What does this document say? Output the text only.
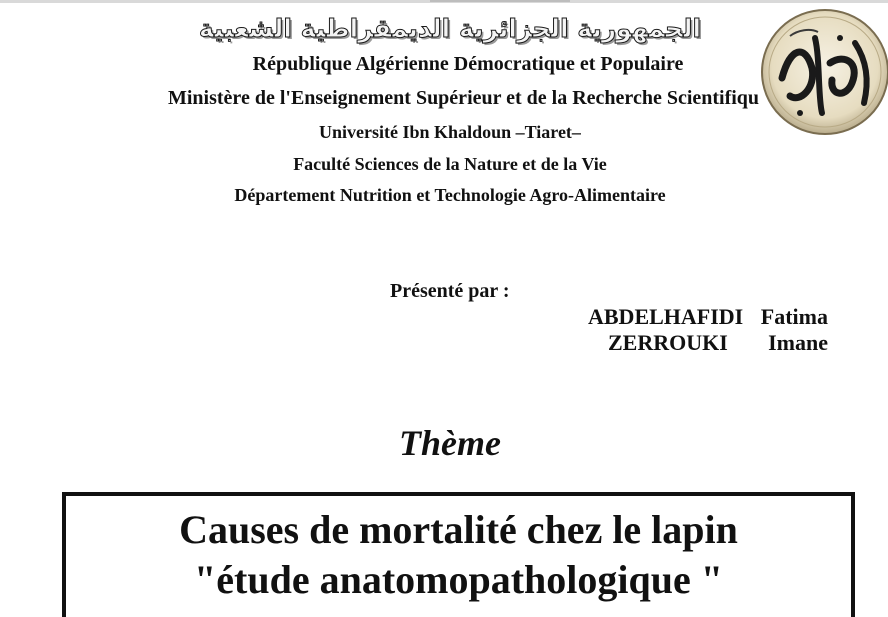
الجمهورية الجزائرية الديمقراطية الشعبية
République Algérienne Démocratique et Populaire
Ministère de l'Enseignement Supérieur et de la Recherche Scientifiqu
Université Ibn Khaldoun –Tiaret–
Faculté Sciences de la Nature et de la Vie
Département Nutrition et Technologie Agro-Alimentaire
Présenté par :
ABDELHAFIDI Fatima
ZERROUKI Imane
Thème
Causes de mortalité chez le lapin
"étude anatomopathologique "
